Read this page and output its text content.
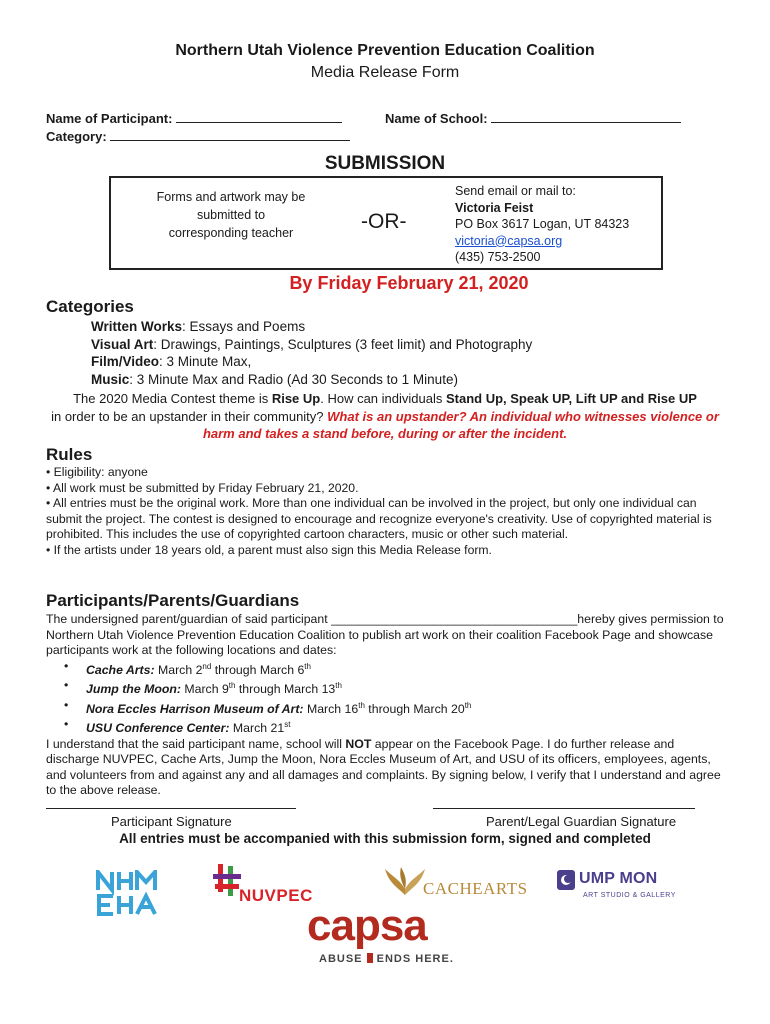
Northern Utah Violence Prevention Education Coalition
Media Release Form
Name of Participant:	Name of School:
Category:
SUBMISSION
Forms and artwork may be submitted to corresponding teacher	-OR-
Send email or mail to:
Victoria Feist
PO Box 3617 Logan, UT 84323
victoria@capsa.org
(435) 753-2500
By Friday February 21, 2020
Categories
Written Works: Essays and Poems
Visual Art: Drawings, Paintings, Sculptures (3 feet limit) and Photography
Film/Video: 3 Minute Max,
Music: 3 Minute Max and Radio (Ad 30 Seconds to 1 Minute)
The 2020 Media Contest theme is Rise Up. How can individuals Stand Up, Speak UP, Lift UP and Rise UP
in order to be an upstander in their community? What is an upstander? An individual who witnesses violence or harm and takes a stand before, during or after the incident.
Rules

• Eligibility: anyone

• All work must be submitted by Friday February 21, 2020.

• All entries must be the original work. More than one individual can be involved in the project, but only one individual can submit the project. The contest is designed to encourage and recognize everyone's creativity. Use of copyrighted material is prohibited. This includes the use of copyrighted cartoon characters, music or other such material.

• If the artists under 18 years old, a parent must also sign this Media Release form.

Participants/Parents/Guardians

The undersigned parent/guardian of said participant ____________________________________hereby gives permission to Northern Utah Violence Prevention Education Coalition to publish art work on their coalition Facebook Page and showcase participants work at the following locations and dates:

• Cache Arts: March 2nd through March 6th
• Jump the Moon: March 9th through March 13th
• Nora Eccles Harrison Museum of Art: March 16th through March 20th
• USU Conference Center: March 21st

I understand that the said participant name, school will NOT appear on the Facebook Page. I do further release and discharge NUVPEC, Cache Arts, Jump the Moon, Nora Eccles Museum of Art, and USU of its officers, employees, agents, and volunteers from and against any and all damages and complaints. By signing below, I verify that I understand and agree to the above release.

Participant Signature	Parent/Legal Guardian Signature
All entries must be accompanied with this submission form, signed and completed
NUVPEC	CACHEARTS
UMP MON
ART STUDIO & GALLERY
capsa
ABUSE ENDS HERE.
